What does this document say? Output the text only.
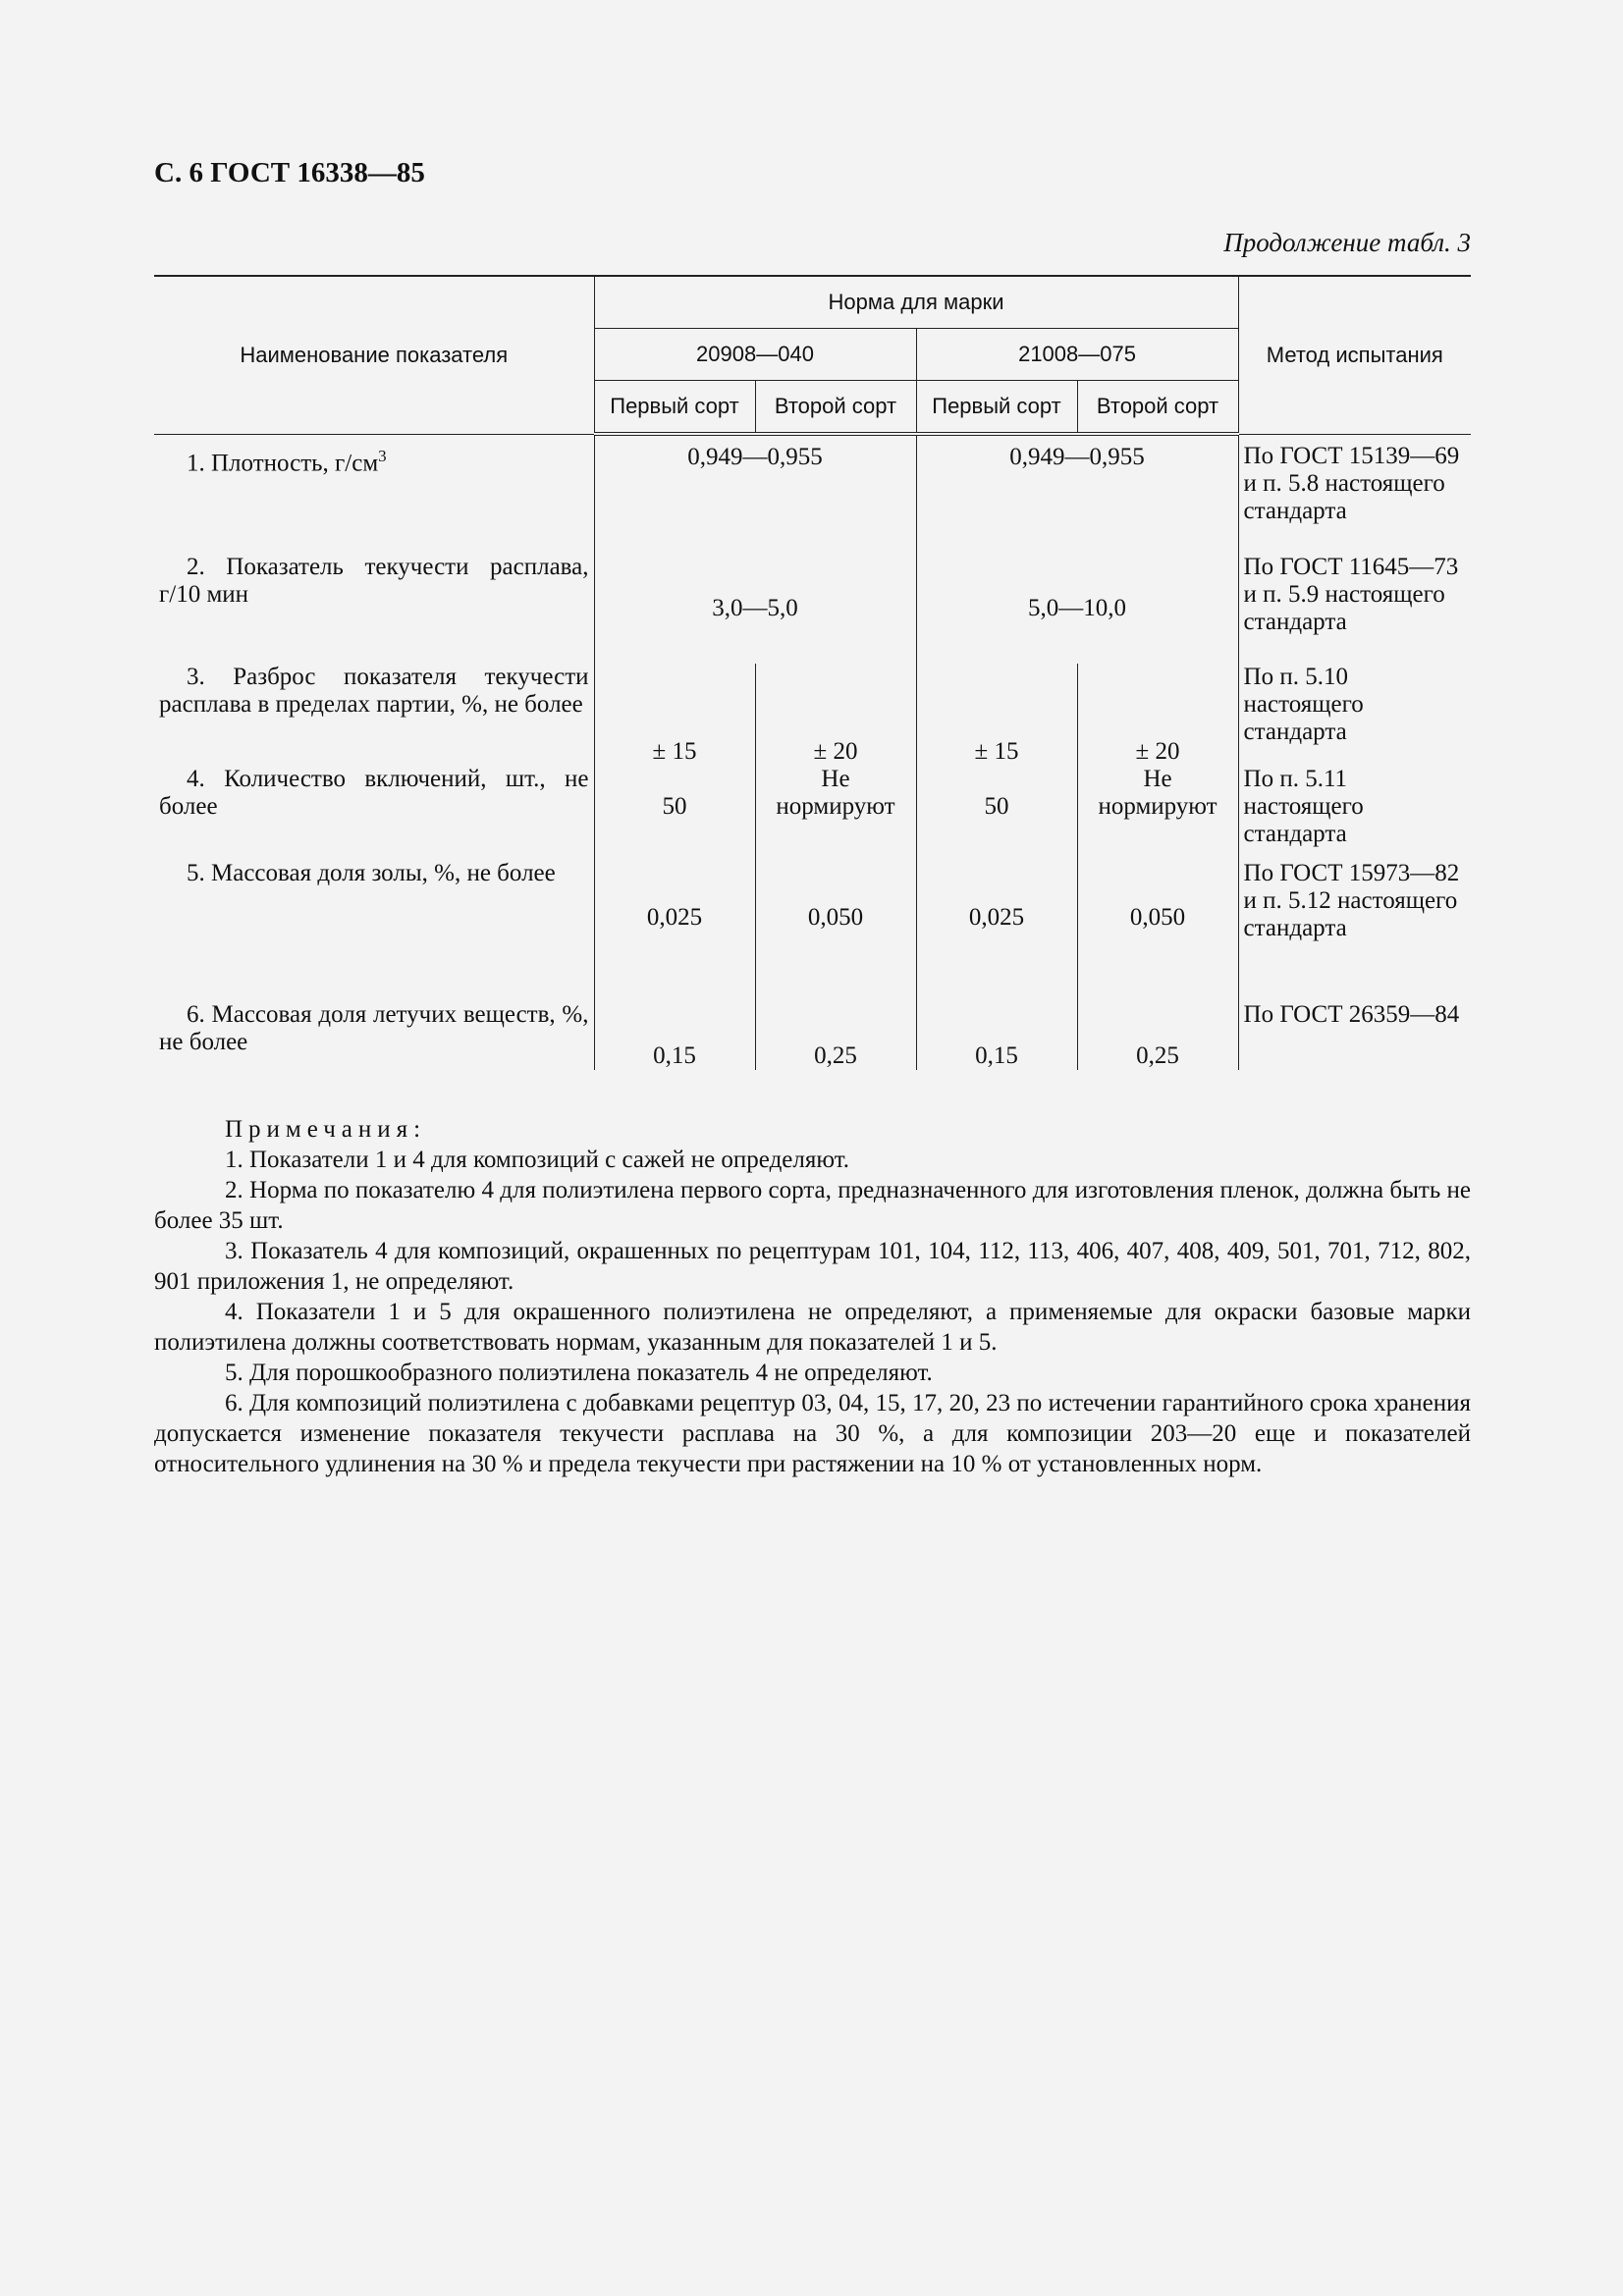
С. 6 ГОСТ 16338—85
Продолжение табл. 3
Наименование показателя	Норма для марки				Метод испытания
	20908—040		21008—075		
	Первый сорт	Второй сорт	Первый сорт	Второй сорт	
1. Плотность, $г/см^3$	0,949—0,955		0,949—0,955		По ГОСТ 15139—69 и п. 5.8 настоящего стандарта
2. Показатель текучести расплава, г/10 мин	3,0—5,0		5,0—10,0		По ГОСТ 11645—73 и п. 5.9 настоящего стандарта
3. Разброс показателя текучести расплава в пределах партии, %, не более	± 15	± 20	± 15	± 20	По п. 5.10 настоящего стандарта
4. Количество включений, шт., не более	50	Не нормируют	50	Не нормируют	По п. 5.11 настоящего стандарта
5. Массовая доля золы, %, не более	0,025	0,050	0,025	0,050	По ГОСТ 15973—82 и п. 5.12 настоящего стандарта
6. Массовая доля летучих веществ, %, не более	0,15	0,25	0,15	0,25	По ГОСТ 26359—84
Примечания:

1. Показатели 1 и 4 для композиций с сажей не определяют.

2. Норма по показателю 4 для полиэтилена первого сорта, предназначенного для изготовления пленок, должна быть не более 35 шт.

3. Показатель 4 для композиций, окрашенных по рецептурам 101, 104, 112, 113, 406, 407, 408, 409, 501, 701, 712, 802, 901 приложения 1, не определяют.

4. Показатели 1 и 5 для окрашенного полиэтилена не определяют, а применяемые для окраски базовые марки полиэтилена должны соответствовать нормам, указанным для показателей 1 и 5.

5. Для порошкообразного полиэтилена показатель 4 не определяют.

6. Для композиций полиэтилена с добавками рецептур 03, 04, 15, 17, 20, 23 по истечении гарантийного срока хранения допускается изменение показателя текучести расплава на 30 %, а для композиции 203—20 еще и показателей относительного удлинения на 30 % и предела текучести при растяжении на 10 % от установленных норм.
